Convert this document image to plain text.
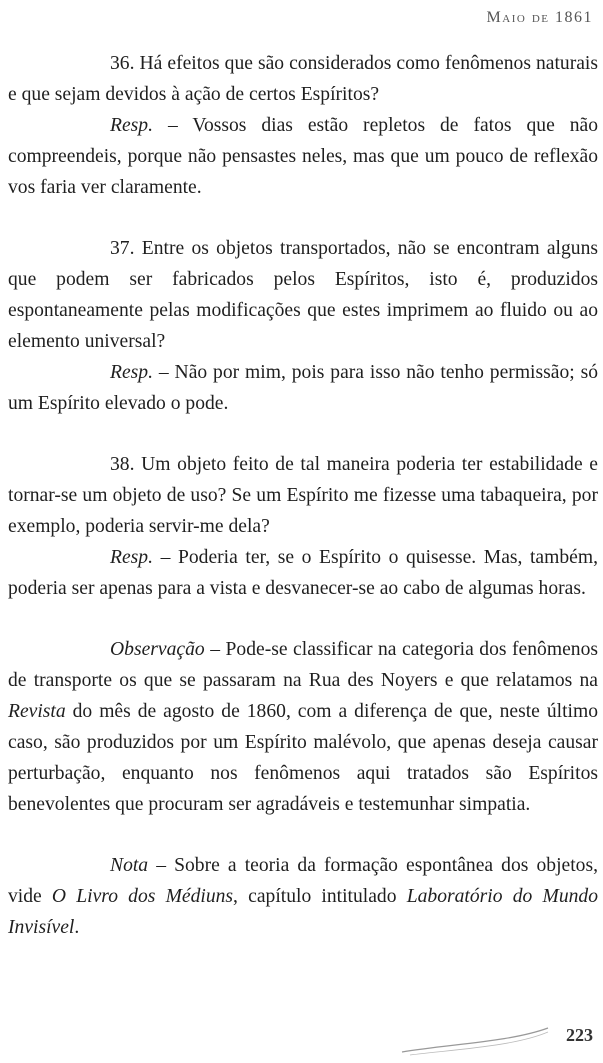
Maio de 1861

36. Há efeitos que são considerados como fenômenos naturais e que sejam devidos à ação de certos Espíritos?

Resp. – Vossos dias estão repletos de fatos que não compreendeis, porque não pensastes neles, mas que um pouco de reflexão vos faria ver claramente.

37. Entre os objetos transportados, não se encontram alguns que podem ser fabricados pelos Espíritos, isto é, produzidos espontaneamente pelas modificações que estes imprimem ao fluido ou ao elemento universal?

Resp. – Não por mim, pois para isso não tenho permissão; só um Espírito elevado o pode.

38. Um objeto feito de tal maneira poderia ter estabilidade e tornar-se um objeto de uso? Se um Espírito me fizesse uma tabaqueira, por exemplo, poderia servir-me dela?

Resp. – Poderia ter, se o Espírito o quisesse. Mas, também, poderia ser apenas para a vista e desvanecer-se ao cabo de algumas horas.

Observação – Pode-se classificar na categoria dos fenômenos de transporte os que se passaram na Rua des Noyers e que relatamos na Revista do mês de agosto de 1860, com a diferença de que, neste último caso, são produzidos por um Espírito malévolo, que apenas deseja causar perturbação, enquanto nos fenômenos aqui tratados são Espíritos benevolentes que procuram ser agradáveis e testemunhar simpatia.

Nota – Sobre a teoria da formação espontânea dos objetos, vide O Livro dos Médiuns, capítulo intitulado Laboratório do Mundo Invisível.

223
